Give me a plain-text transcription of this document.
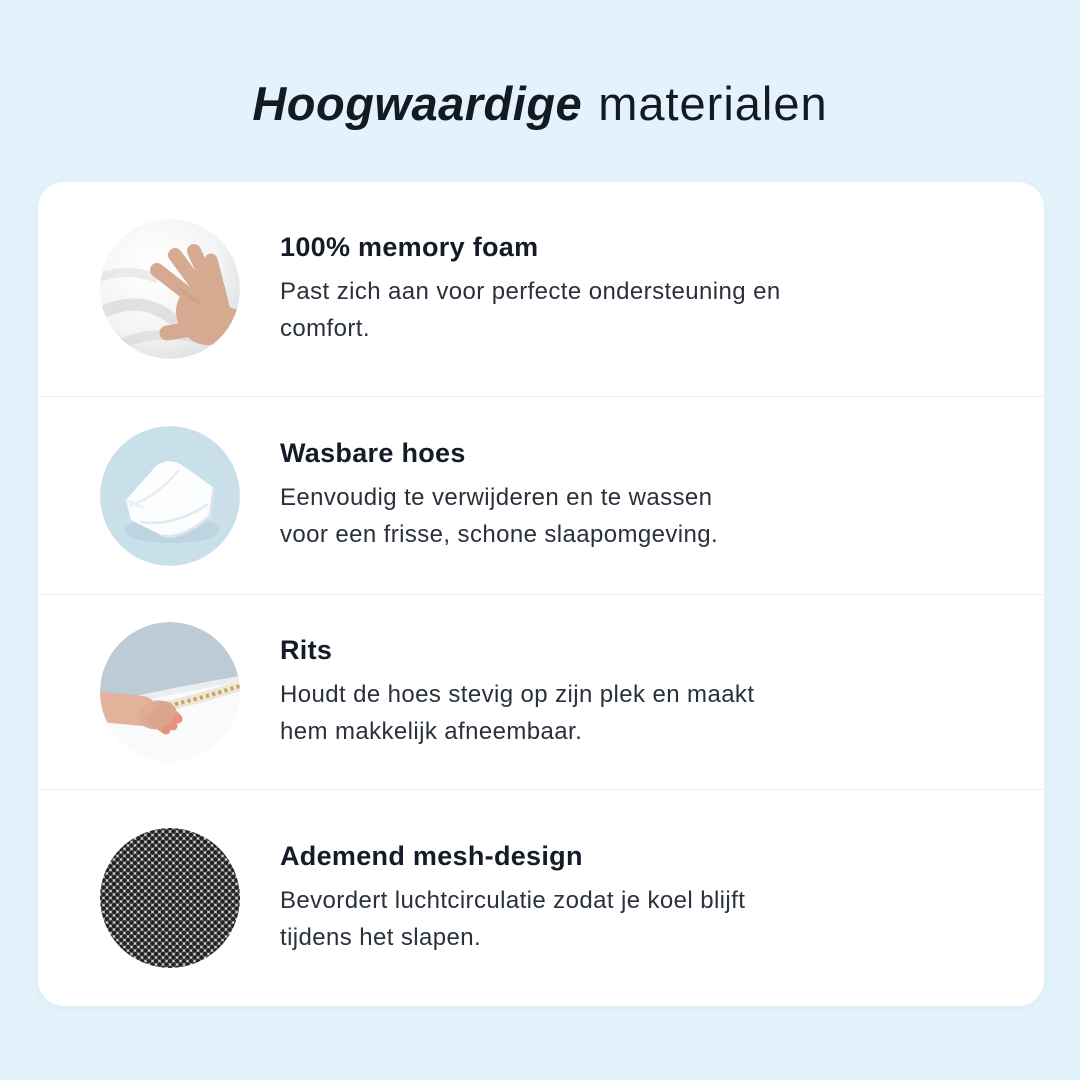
Hoogwaardige materialen
100% memory foam

Past zich aan voor perfecte ondersteuning en

comfort.

Wasbare hoes

Eenvoudig te verwijderen en te wassen

voor een frisse, schone slaapomgeving.

Rits

Houdt de hoes stevig op zijn plek en maakt

hem makkelijk afneembaar.

Ademend mesh-design

Bevordert luchtcirculatie zodat je koel blijft

tijdens het slapen.
